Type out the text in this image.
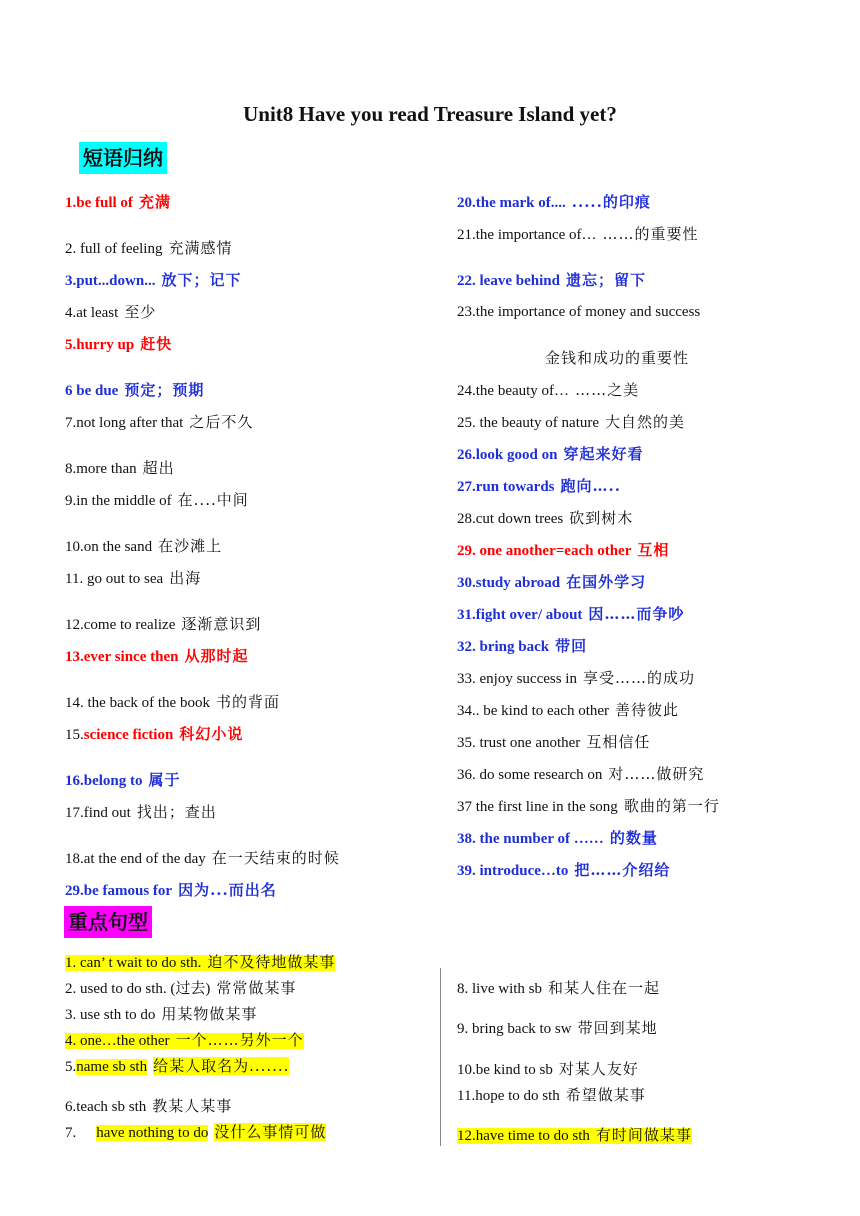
Unit8 Have you read Treasure Island yet?
短语归纳
重点句型
1.be full of 充满
2. full of feeling 充满感情
3.put...down... 放下；记下
4.at least 至少
5.hurry up 赶快
6 be due 预定；预期
7.not long after that 之后不久
8.more than 超出
9.in the middle of 在....中间
10.on the sand 在沙滩上
11. go out to sea 出海
12.come to realize 逐渐意识到
13.ever since then 从那时起
14. the back of the book 书的背面
15.science fiction 科幻小说
16.belong to 属于
17.find out 找出；查出
18.at the end of the day 在一天结束的时候
29.be famous for 因为...而出名
20.the mark of.... .....的印痕
21.the importance of… ……的重要性
22. leave behind 遗忘；留下
23.the importance of money and success
金钱和成功的重要性
24.the beauty of… ……之美
25. the beauty of nature 大自然的美
26.look good on 穿起来好看
27.run towards 跑向…..
28.cut down trees 砍到树木
29. one another=each other 互相
30.study abroad 在国外学习
31.fight over/ about 因……而争吵
32. bring back 带回
33. enjoy success in 享受……的成功
34.. be kind to each other 善待彼此
35. trust one another 互相信任
36. do some research on 对……做研究
37 the first line in the song 歌曲的第一行
38. the number of …… 的数量
39. introduce…to 把……介绍给
1. can’ t wait to do sth. 迫不及待地做某事
2. used to do sth. (过去) 常常做某事
3. use sth to do 用某物做某事
4. one…the other 一个……另外一个
5.name sb sth 给某人取名为.......
6.teach sb sth 教某人某事
7. have nothing to do 没什么事情可做
8. live with sb 和某人住在一起
9. bring back to sw 带回到某地
10.be kind to sb 对某人友好
11.hope to do sth 希望做某事
12.have time to do sth 有时间做某事
